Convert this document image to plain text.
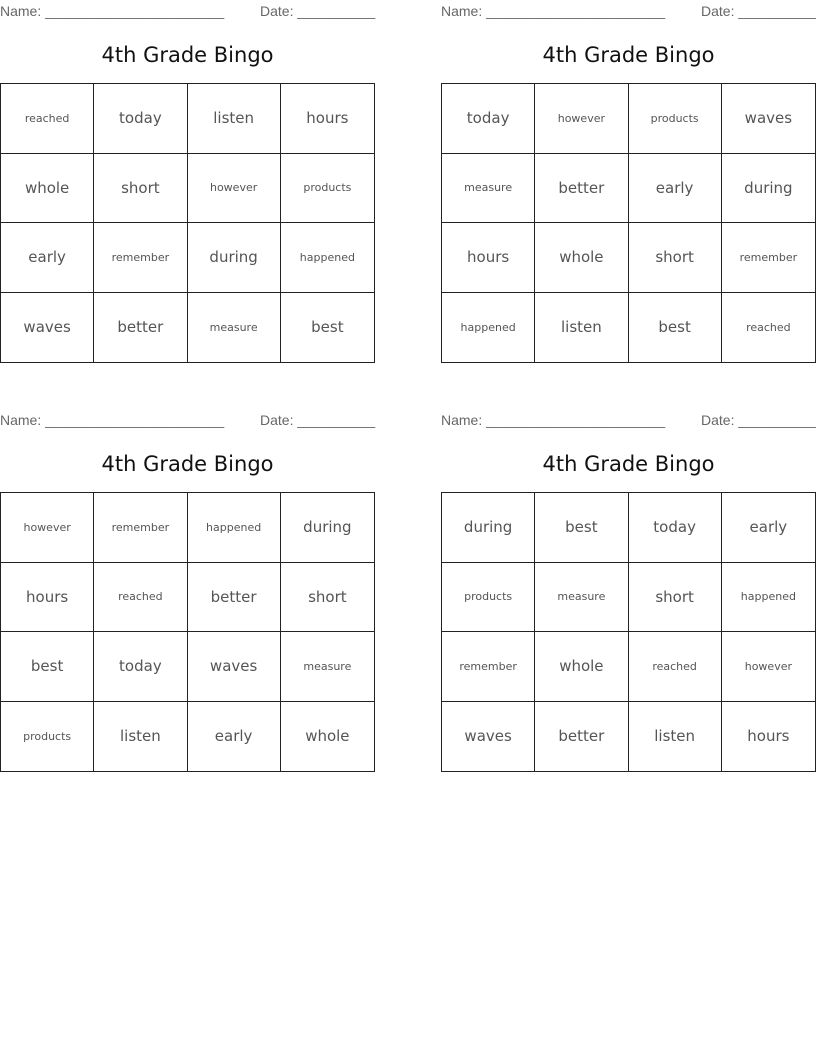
Name: _______________________	Date: __________
4th Grade Bingo
reached	today	listen	hours
whole	short	however	products
early	remember	during	happened
waves	better	measure	best
Name: _______________________	Date: __________
4th Grade Bingo
today	however	products	waves
measure	better	early	during
hours	whole	short	remember
happened	listen	best	reached
Name: _______________________	Date: __________
4th Grade Bingo
however	remember	happened	during
hours	reached	better	short
best	today	waves	measure
products	listen	early	whole
Name: _______________________	Date: __________
4th Grade Bingo
during	best	today	early
products	measure	short	happened
remember	whole	reached	however
waves	better	listen	hours
